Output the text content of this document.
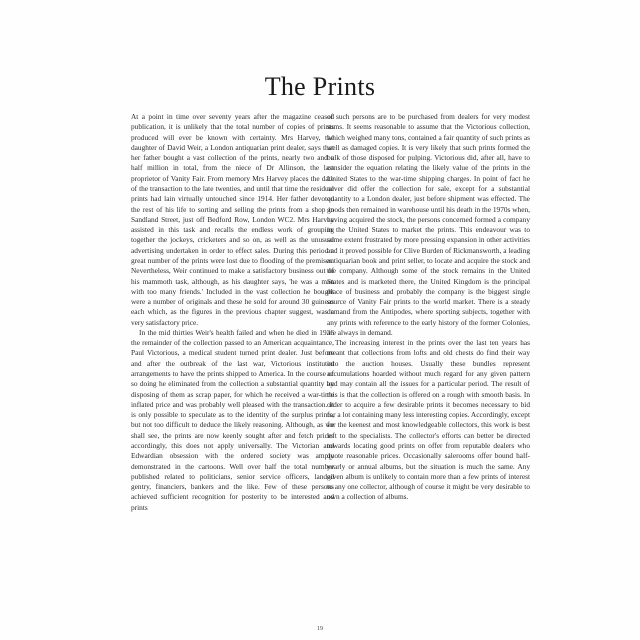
The Prints

At a point in time over seventy years after the magazine ceased publication, it is unlikely that the total number of copies of prints produced will ever be known with certainty. Mrs Harvey, the daughter of David Weir, a London antiquarian print dealer, says that her father bought a vast collection of the prints, nearly two and a half million in total, from the niece of Dr Allinson, the last proprietor of Vanity Fair. From memory Mrs Harvey places the date of the transaction to the late twenties, and until that time the residual prints had lain virtually untouched since 1914. Her father devoted the rest of his life to sorting and selling the prints from a shop in Sandland Street, just off Bedford Row, London WC2. Mrs Harvey assisted in this task and recalls the endless work of grouping together the jockeys, cricketers and so on, as well as the unusual advertising undertaken in order to effect sales. During this period a great number of the prints were lost due to flooding of the premises. Nevertheless, Weir continued to make a satisfactory business out of his mammoth task, although, as his daughter says, 'he was a man with too many friends.' Included in the vast collection he bought were a number of originals and these he sold for around 30 guineas each which, as the figures in the previous chapter suggest, was a very satisfactory price.

In the mid thirties Weir's health failed and when he died in 1936 the remainder of the collection passed to an American acquaintance, Paul Victorious, a medical student turned print dealer. Just before and after the outbreak of the last war, Victorious instituted arrangements to have the prints shipped to America. In the course of so doing he eliminated from the collection a substantial quantity by disposing of them as scrap paper, for which he received a war-time inflated price and was probably well pleased with the transaction. It is only possible to speculate as to the identity of the surplus prints, but not too difficult to deduce the likely reasoning. Although, as we shall see, the prints are now keenly sought after and fetch prices accordingly, this does not apply universally. The Victorian and Edwardian obsession with the ordered society was amply demonstrated in the cartoons. Well over half the total number published related to politicians, senior service officers, landed gentry, financiers, bankers and the like. Few of these persons achieved sufficient recognition for posterity to be interested and prints

of such persons are to be purchased from dealers for very modest sums. It seems reasonable to assume that the Victorious collection, which weighed many tons, contained a fair quantity of such prints as well as damaged copies. It is very likely that such prints formed the bulk of those disposed for pulping. Victorious did, after all, have to consider the equation relating the likely value of the prints in the United States to the war-time shipping charges. In point of fact he never did offer the collection for sale, except for a substantial quantity to a London dealer, just before shipment was effected. The goods then remained in warehouse until his death in the 1970s when, having acquired the stock, the persons concerned formed a company in the United States to market the prints. This endeavour was to some extent frustrated by more pressing expansion in other activities and it proved possible for Clive Burden of Rickmansworth, a leading antiquarian book and print seller, to locate and acquire the stock and the company. Although some of the stock remains in the United States and is marketed there, the United Kingdom is the principal place of business and probably the company is the biggest single source of Vanity Fair prints to the world market. There is a steady demand from the Antipodes, where sporting subjects, together with any prints with reference to the early history of the former Colonies, are always in demand.

The increasing interest in the prints over the last ten years has meant that collections from lofts and old chests do find their way into the auction houses. Usually these bundles represent accumulations hoarded without much regard for any given pattern and may contain all the issues for a particular period. The result of this is that the collection is offered on a rough with smooth basis. In order to acquire a few desirable prints it becomes necessary to bid for a lot containing many less interesting copies. Accordingly, except for the keenest and most knowledgeable collectors, this work is best left to the specialists. The collector's efforts can better be directed towards locating good prints on offer from reputable dealers who quote reasonable prices. Occasionally salerooms offer bound half-yearly or annual albums, but the situation is much the same. Any given album is unlikely to contain more than a few prints of interest to any one collector, although of course it might be very desirable to own a collection of albums.

19
